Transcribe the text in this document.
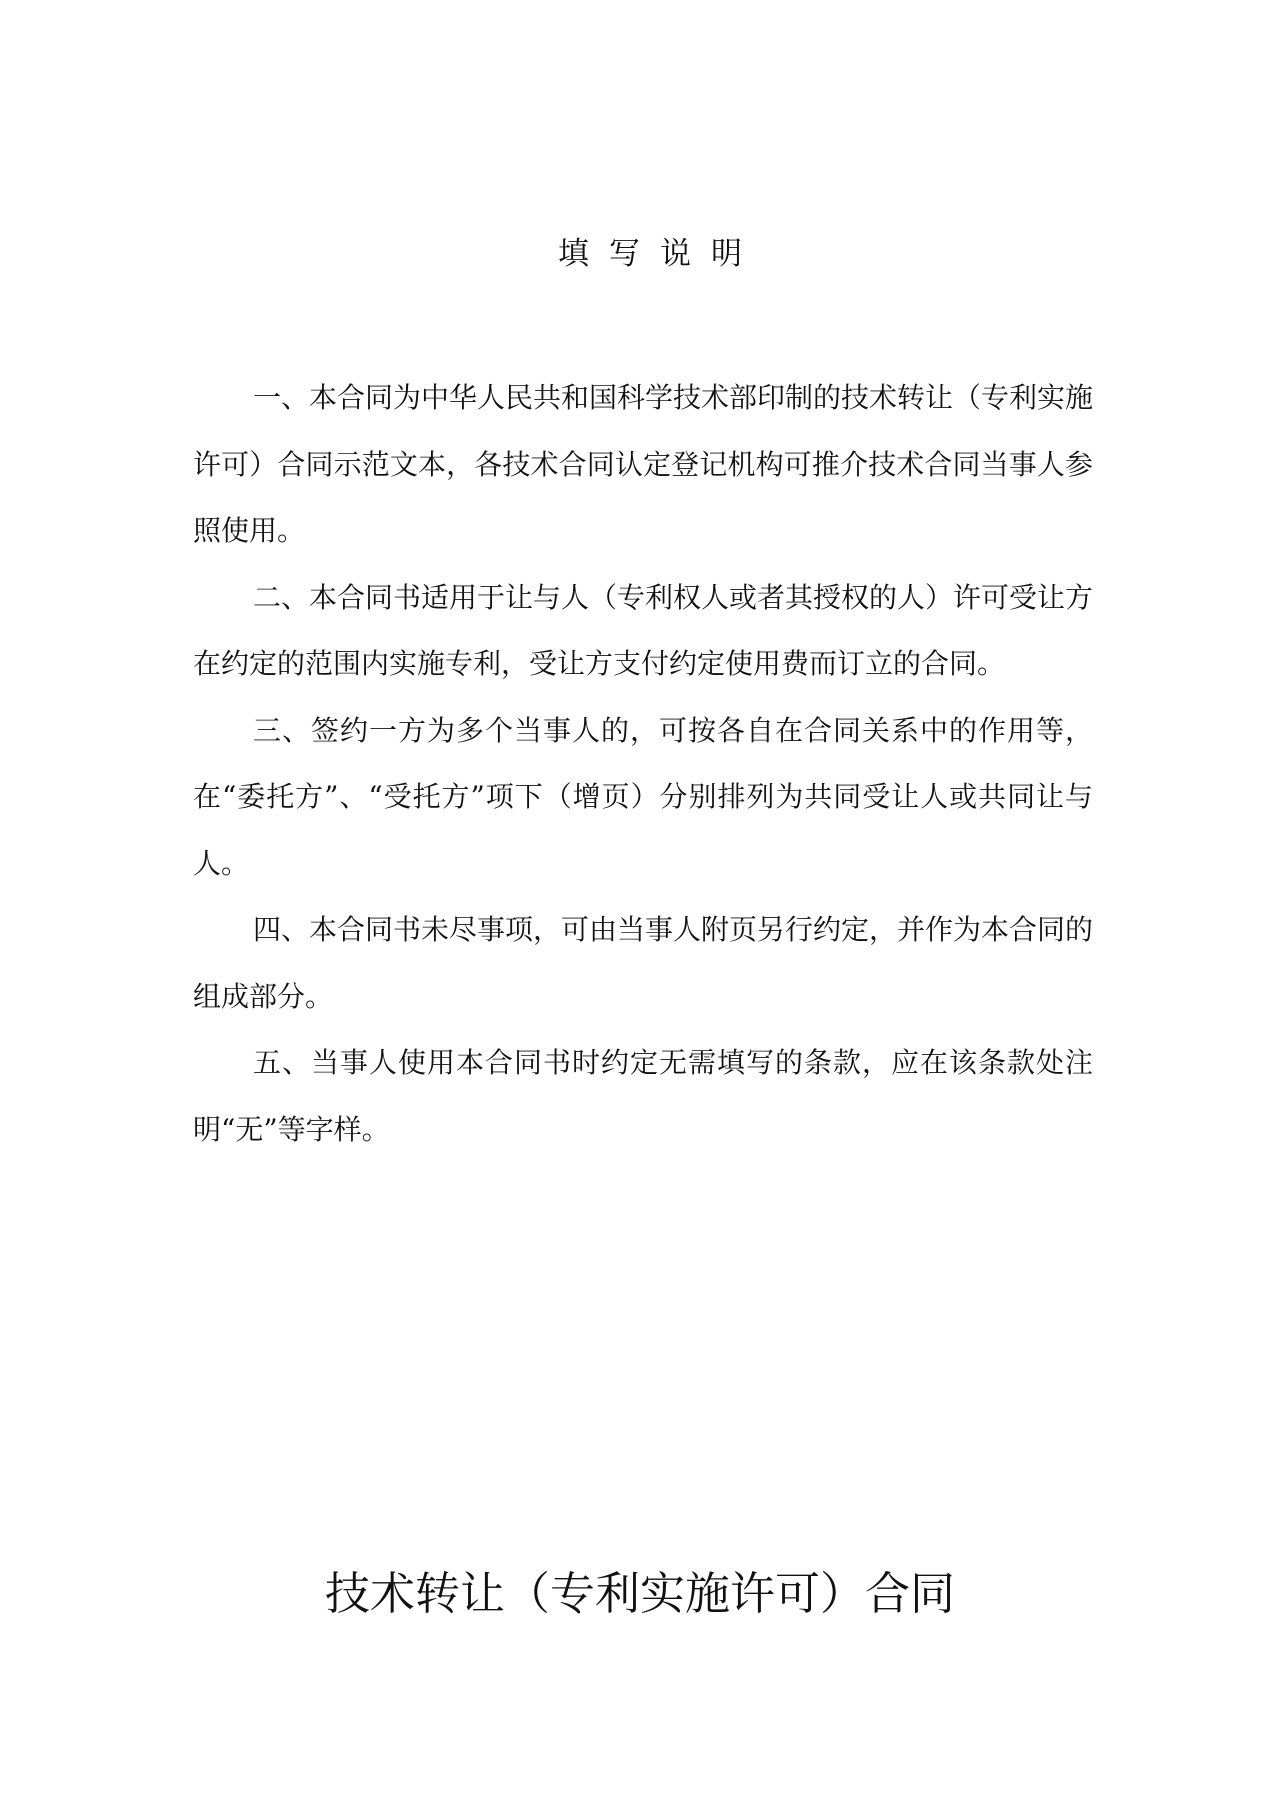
填写说明

一、本合同为中华人民共和国科学技术部印制的技术转让（专利实施许可）合同示范文本，各技术合同认定登记机构可推介技术合同当事人参照使用。

二、本合同书适用于让与人（专利权人或者其授权的人）许可受让方在约定的范围内实施专利，受让方支付约定使用费而订立的合同。

三、签约一方为多个当事人的，可按各自在合同关系中的作用等，在“委托方”、“受托方”项下（增页）分别排列为共同受让人或共同让与人。

四、本合同书未尽事项，可由当事人附页另行约定，并作为本合同的组成部分。

五、当事人使用本合同书时约定无需填写的条款，应在该条款处注明“无”等字样。

技术转让（专利实施许可）合同
